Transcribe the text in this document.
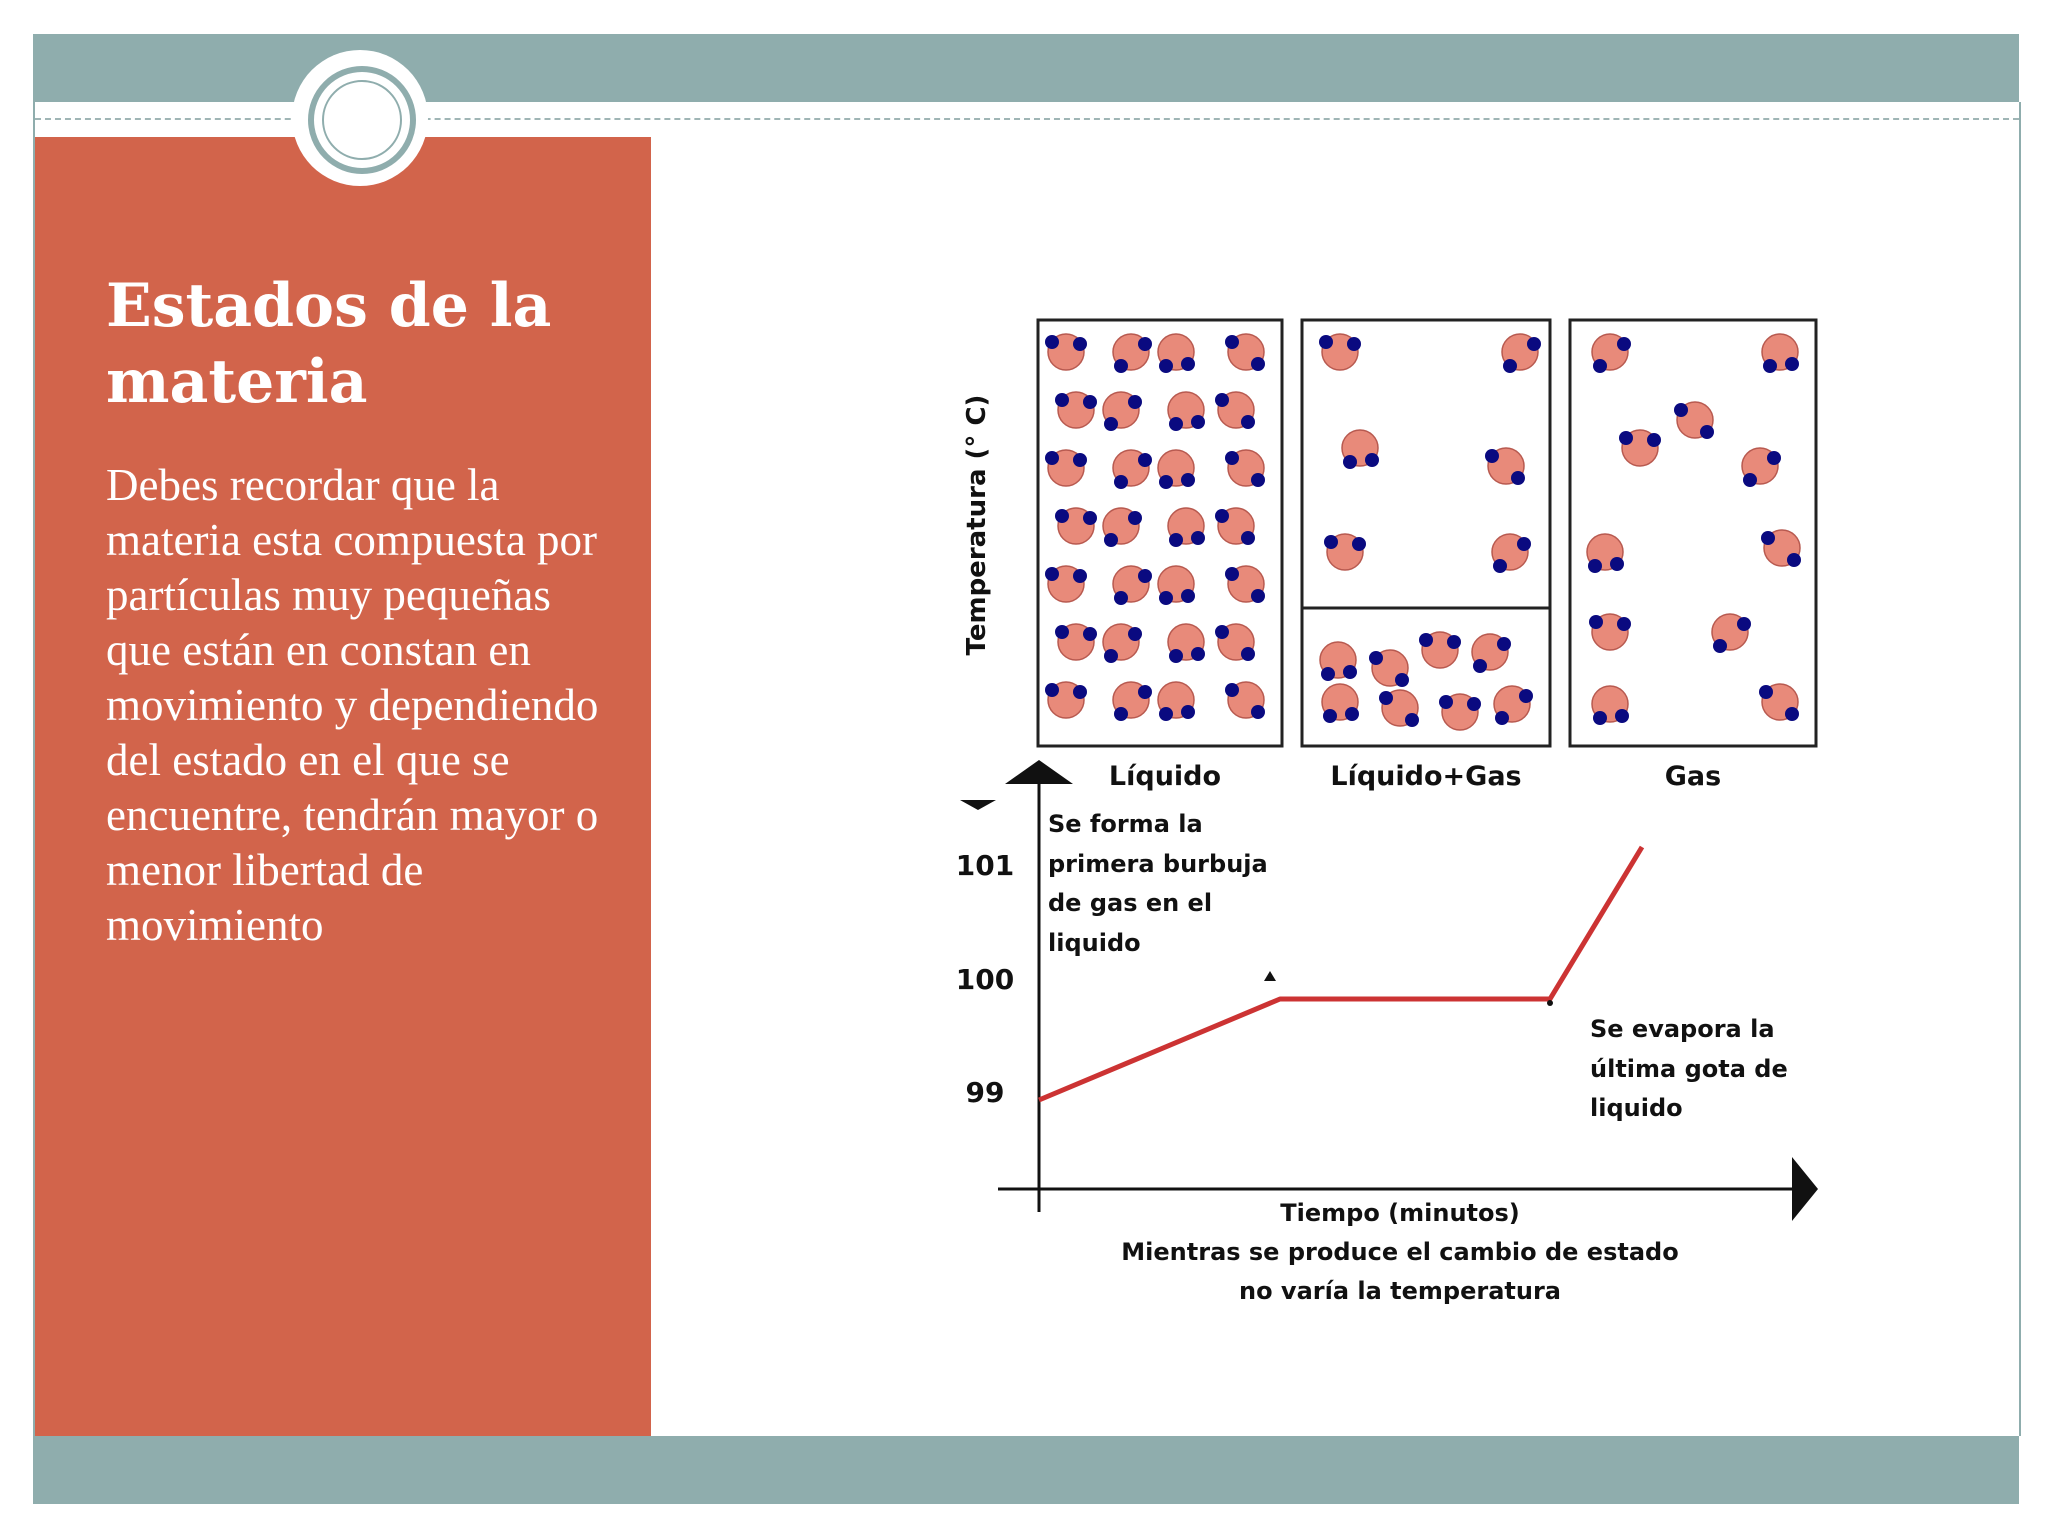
Estados de la materia

Debes recordar que la materia esta compuesta por partículas muy pequeñas que están en constan en movimiento y dependiendo del estado en el que se encuentre, tendrán mayor o menor libertad de movimiento

Líquido	Líquido+Gas	Gas
Temperatura (° C)
101
100
99
Se forma la
primera burbuja
de gas en el
liquido
Se evapora la
última gota de
liquido
Tiempo (minutos)
Mientras se produce el cambio de estado
no varía la temperatura
